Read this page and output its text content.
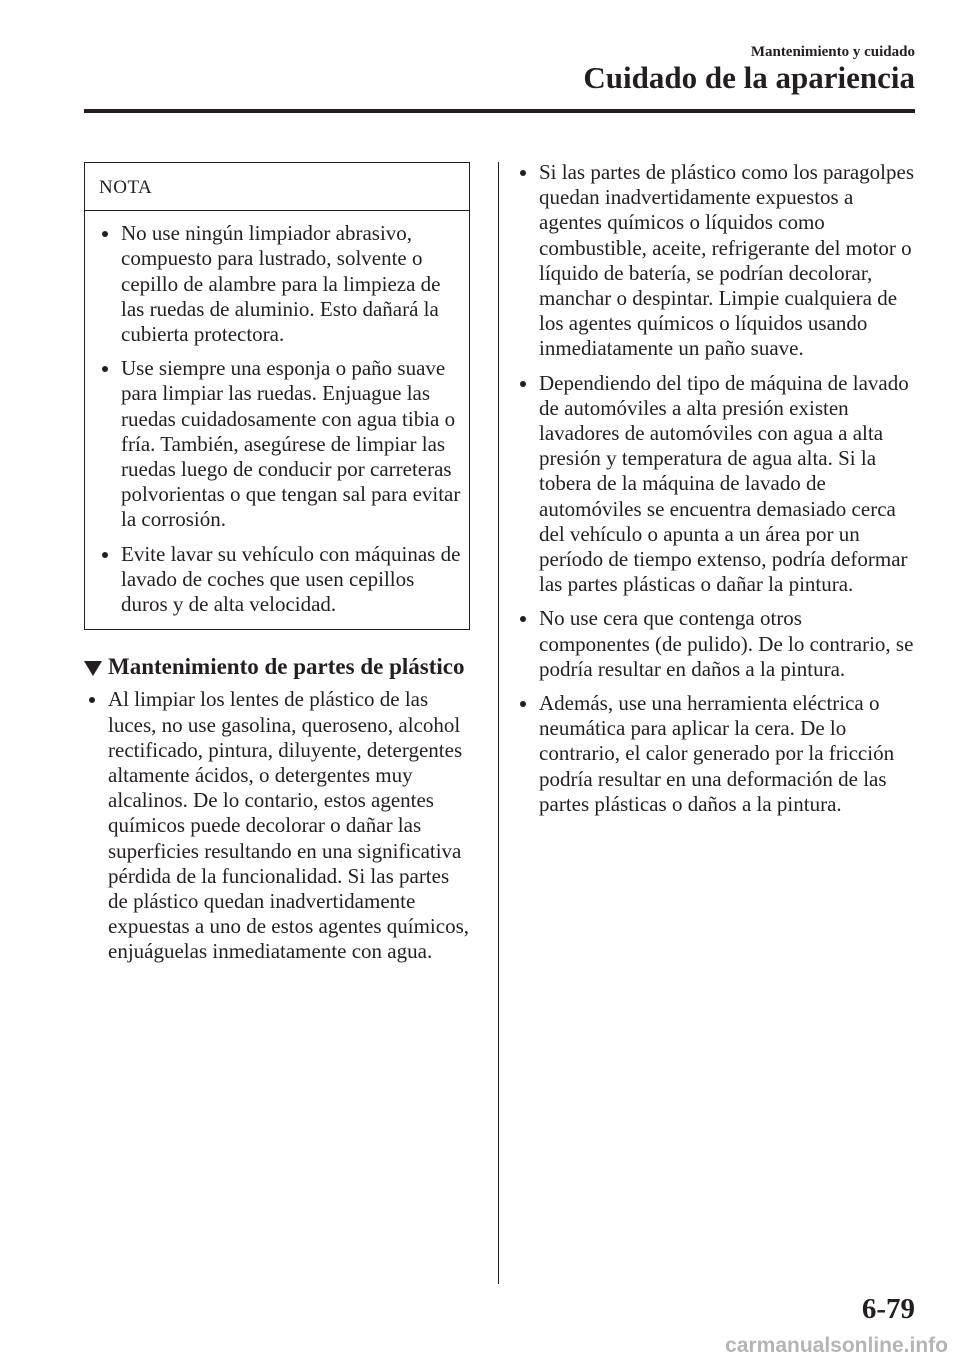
Mantenimiento y cuidado
Cuidado de la apariencia
NOTA
No use ningún limpiador abrasivo, compuesto para lustrado, solvente o cepillo de alambre para la limpieza de las ruedas de aluminio. Esto dañará la cubierta protectora.
Use siempre una esponja o paño suave para limpiar las ruedas. Enjuague las ruedas cuidadosamente con agua tibia o fría. También, asegúrese de limpiar las ruedas luego de conducir por carreteras polvorientas o que tengan sal para evitar la corrosión.
Evite lavar su vehículo con máquinas de lavado de coches que usen cepillos duros y de alta velocidad.
Mantenimiento de partes de plástico
Al limpiar los lentes de plástico de las luces, no use gasolina, queroseno, alcohol rectificado, pintura, diluyente, detergentes altamente ácidos, o detergentes muy alcalinos. De lo contario, estos agentes químicos puede decolorar o dañar las superficies resultando en una significativa pérdida de la funcionalidad. Si las partes de plástico quedan inadvertidamente expuestas a uno de estos agentes químicos, enjuáguelas inmediatamente con agua.
Si las partes de plástico como los paragolpes quedan inadvertidamente expuestos a agentes químicos o líquidos como combustible, aceite, refrigerante del motor o líquido de batería, se podrían decolorar, manchar o despintar. Limpie cualquiera de los agentes químicos o líquidos usando inmediatamente un paño suave.
Dependiendo del tipo de máquina de lavado de automóviles a alta presión existen lavadores de automóviles con agua a alta presión y temperatura de agua alta. Si la tobera de la máquina de lavado de automóviles se encuentra demasiado cerca del vehículo o apunta a un área por un período de tiempo extenso, podría deformar las partes plásticas o dañar la pintura.
No use cera que contenga otros componentes (de pulido). De lo contrario, se podría resultar en daños a la pintura.
Además, use una herramienta eléctrica o neumática para aplicar la cera. De lo contrario, el calor generado por la fricción podría resultar en una deformación de las partes plásticas o daños a la pintura.
6-79
carmanualsonline.info
